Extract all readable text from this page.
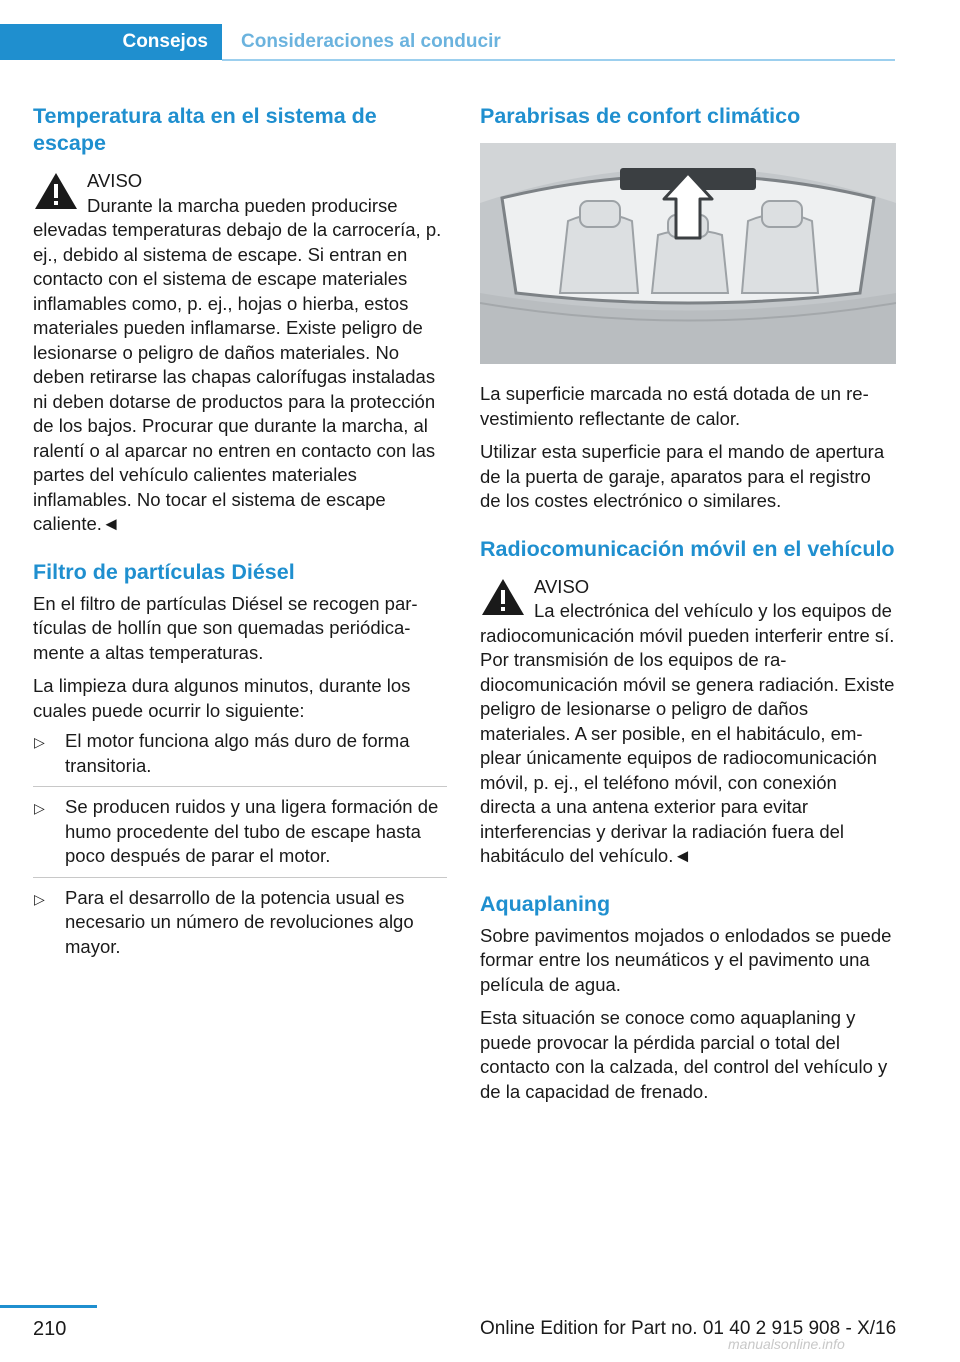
Consejos	Consideraciones al conducir
Temperatura alta en el sistema de escape
AVISO
Durante la marcha pueden producirse elevadas temperaturas debajo de la carrocería, p. ej., debido al sistema de escape. Si entran en contacto con el sistema de escape materiales inflamables como, p. ej., hojas o hierba, estos materiales pueden inflamarse. Existe peligro de lesionarse o peligro de daños materiales. No deben retirarse las chapas calorífugas instaladas ni deben dotarse de productos para la protección de los bajos. Procurar que durante la marcha, al ralentí o al aparcar no entren en contacto con las partes del vehículo calientes materiales inflamables. No tocar el sistema de escape caliente.◄
Filtro de partículas Diésel

En el filtro de partículas Diésel se recogen partículas de hollín que son quemadas periódicamente a altas temperaturas.

La limpieza dura algunos minutos, durante los cuales puede ocurrir lo siguiente:

▷ El motor funciona algo más duro de forma transitoria.
▷ Se producen ruidos y una ligera formación de humo procedente del tubo de escape hasta poco después de parar el motor.
▷ Para el desarrollo de la potencia usual es necesario un número de revoluciones algo mayor.
Parabrisas de confort climático

La superficie marcada no está dotada de un revestimiento reflectante de calor.

Utilizar esta superficie para el mando de apertura de la puerta de garaje, aparatos para el registro de los costes electrónico o similares.

Radiocomunicación móvil en el vehículo
AVISO
La electrónica del vehículo y los equipos de radiocomunicación móvil pueden interferir entre sí. Por transmisión de los equipos de radiocomunicación móvil se genera radiación. Existe peligro de lesionarse o peligro de daños materiales. A ser posible, en el habitáculo, emplear únicamente equipos de radiocomunicación móvil, p. ej., el teléfono móvil, con conexión directa a una antena exterior para evitar interferencias y derivar la radiación fuera del habitáculo del vehículo.◄
Aquaplaning

Sobre pavimentos mojados o enlodados se puede formar entre los neumáticos y el pavimento una película de agua.

Esta situación se conoce como aquaplaning y puede provocar la pérdida parcial o total del contacto con la calzada, del control del vehículo y de la capacidad de frenado.

210	Online Edition for Part no. 01 40 2 915 908 - X/16
manualsonline.info
